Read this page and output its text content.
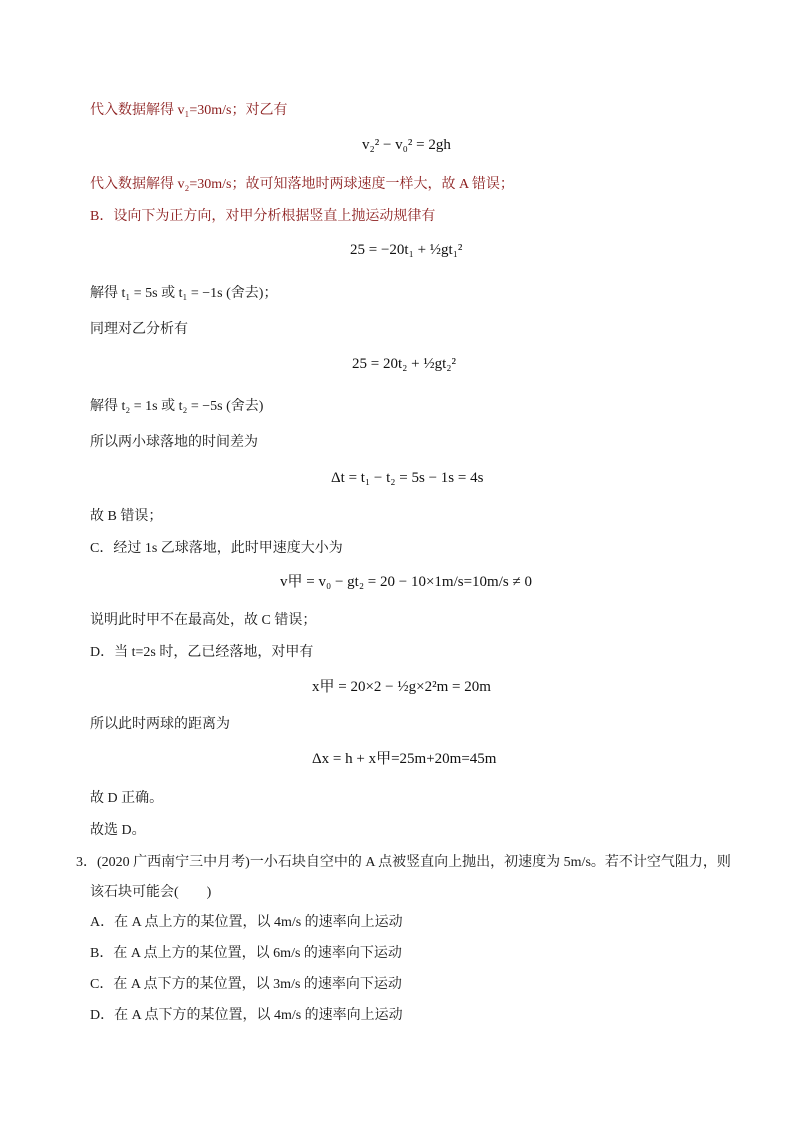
代入数据解得 v₁=30m/s；对乙有
v₂² − v₀² = 2gh
代入数据解得 v₂=30m/s；故可知落地时两球速度一样大，故 A 错误；
B．设向下为正方向，对甲分析根据竖直上抛运动规律有
25 = −20t₁ + ½gt₁²
解得 t₁ = 5s 或 t₁ = −1s (舍去)；
同理对乙分析有
25 = 20t₂ + ½gt₂²
解得 t₂ = 1s 或 t₂ = −5s (舍去)
所以两小球落地的时间差为
Δt = t₁ − t₂ = 5s − 1s = 4s
故 B 错误；
C．经过 1s 乙球落地，此时甲速度大小为
v甲 = v₀ − gt₂ = 20 − 10×1m/s=10m/s ≠ 0
说明此时甲不在最高处，故 C 错误；
D．当 t=2s 时，乙已经落地，对甲有
x甲 = 20×2 − ½g×2²m = 20m
所以此时两球的距离为
Δx = h + x甲=25m+20m=45m
故 D 正确。
故选 D。
3．(2020 广西南宁三中月考)一小石块自空中的 A 点被竖直向上抛出，初速度为 5m/s。若不计空气阻力，则
该石块可能会(　　)
A．在 A 点上方的某位置，以 4m/s 的速率向上运动
B．在 A 点上方的某位置，以 6m/s 的速率向下运动
C．在 A 点下方的某位置，以 3m/s 的速率向下运动
D．在 A 点下方的某位置，以 4m/s 的速率向上运动
